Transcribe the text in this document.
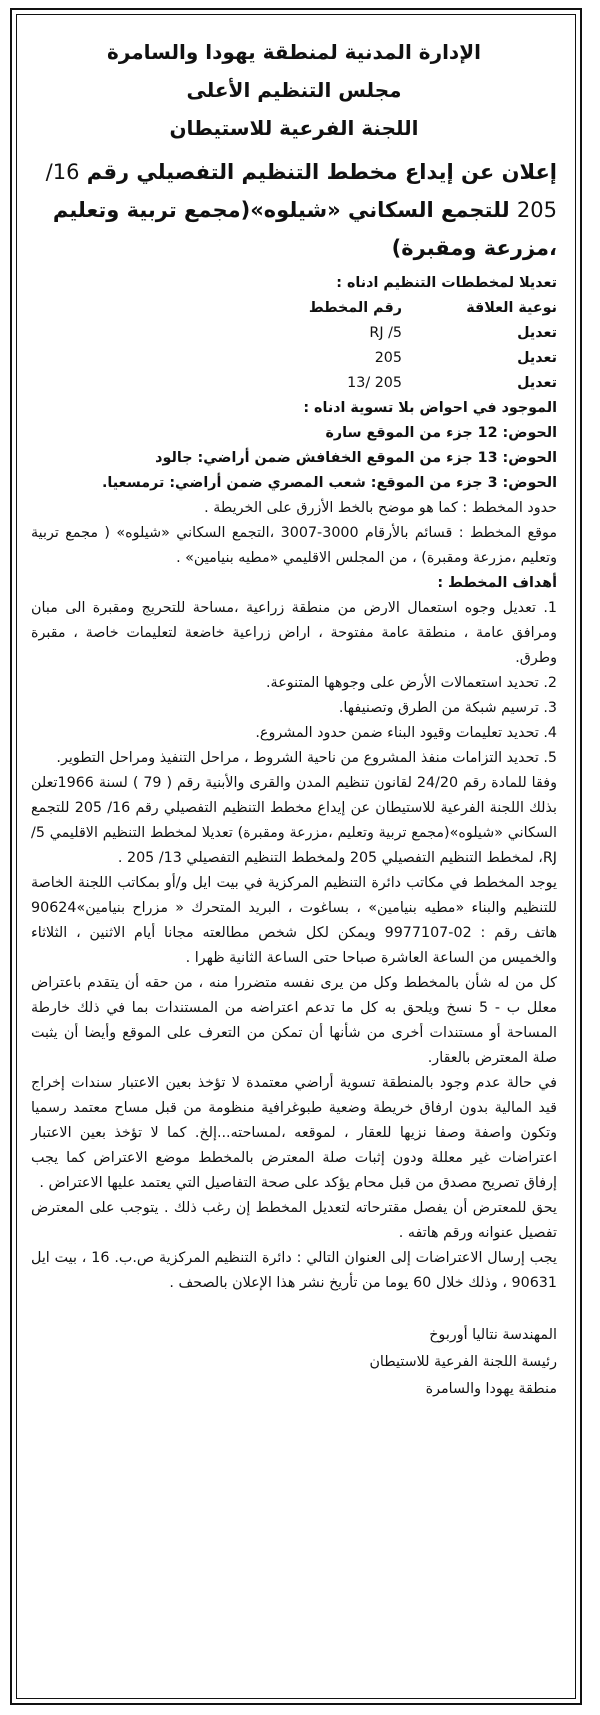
الإدارة المدنية لمنطقة يهودا والسامرة

مجلس التنظيم الأعلى

اللجنة الفرعية للاستيطان

إعلان عن إيداع مخطط التنظيم التفصيلي رقم 16/
205 للتجمع السكاني «شيلوه»(مجمع تربية وتعليم
،مزرعة ومقبرة)

تعديلا لمخططات التنظيم ادناه :

نوعية العلاقة
رقم المخطط
تعديل
RJ /5
تعديل
205
تعديل
205 /13

الموجود في احواض بلا تسوية ادناه :

الحوض: 12 جزء من الموقع سارة

الحوض: 13 جزء من الموقع الخفافش ضمن أراضي: جالود

الحوض: 3 جزء من الموقع: شعب المصري ضمن أراضي: ترمسعيا.

حدود المخطط : كما هو موضح بالخط الأزرق على الخريطة .

موقع المخطط : قسائم بالأرقام 3000-3007 ،التجمع السكاني «شيلوه» ( مجمع تربية وتعليم ،مزرعة ومقبرة) ، من المجلس الاقليمي «مطيه بنيامين» .

أهداف المخطط :

1. تعديل وجوه استعمال الارض من منطقة زراعية ،مساحة للتحريج ومقبرة الى مبان ومرافق عامة ، منطقة عامة مفتوحة ، اراض زراعية خاضعة لتعليمات خاصة ، مقبرة وطرق.

2. تحديد استعمالات الأرض على وجوهها المتنوعة.

3. ترسيم شبكة من الطرق وتصنيفها.

4. تحديد تعليمات وقيود البناء ضمن حدود المشروع.

5. تحديد التزامات منفذ المشروع من ناحية الشروط ، مراحل التنفيذ ومراحل التطوير.

وفقا للمادة رقم 24/20 لقانون تنظيم المدن والقرى والأبنية رقم ( 79 ) لسنة 1966تعلن بذلك اللجنة الفرعية للاستيطان عن إيداع مخطط التنظيم التفصيلي رقم 16/ 205 للتجمع السكاني «شيلوه»(مجمع تربية وتعليم ،مزرعة ومقبرة) تعديلا لمخطط التنظيم الاقليمي 5/ RJ، لمخطط التنظيم التفصيلي 205 ولمخطط التنظيم التفصيلي 13/ 205 .

يوجد المخطط في مكاتب دائرة التنظيم المركزية في بيت ايل و/أو بمكاتب اللجنة الخاصة للتنظيم والبناء «مطيه بنيامين» ، بساغوت ، البريد المتحرك « مزراح بنيامين»90624 هاتف رقم : 02-9977107 ويمكن لكل شخص مطالعته مجانا أيام الاثنين ، الثلاثاء والخميس من الساعة العاشرة صباحا حتى الساعة الثانية ظهرا .

كل من له شأن بالمخطط وكل من يرى نفسه متضررا منه ، من حقه أن يتقدم باعتراض معلل ب - 5 نسخ ويلحق به كل ما تدعم اعتراضه من المستندات بما في ذلك خارطة المساحة أو مستندات أخرى من شأنها أن تمكن من التعرف على الموقع وأيضا أن يثبت صلة المعترض بالعقار.

في حالة عدم وجود بالمنطقة تسوية أراضي معتمدة لا تؤخذ بعين الاعتبار سندات إخراج قيد المالية بدون ارفاق خريطة وضعية طبوغرافية منظومة من قبل مساح معتمد رسميا وتكون واصفة وصفا نزيها للعقار ، لموقعه ،لمساحته...إلخ. كما لا تؤخذ بعين الاعتبار اعتراضات غير معللة ودون إثبات صلة المعترض بالمخطط موضع الاعتراض كما يجب إرفاق تصريح مصدق من قبل محام يؤكد على صحة التفاصيل التي يعتمد عليها الاعتراض .

يحق للمعترض أن يفصل مقترحاته لتعديل المخطط إن رغب ذلك . يتوجب على المعترض تفصيل عنوانه ورقم هاتفه .

يجب إرسال الاعتراضات إلى العنوان التالي : دائرة التنظيم المركزية ص.ب. 16 ، بيت ايل 90631 ، وذلك خلال 60 يوما من تأريخ نشر هذا الإعلان بالصحف .

المهندسة نتاليا أوربوخ

رئيسة اللجنة الفرعية للاستيطان

منطقة يهودا والسامرة
